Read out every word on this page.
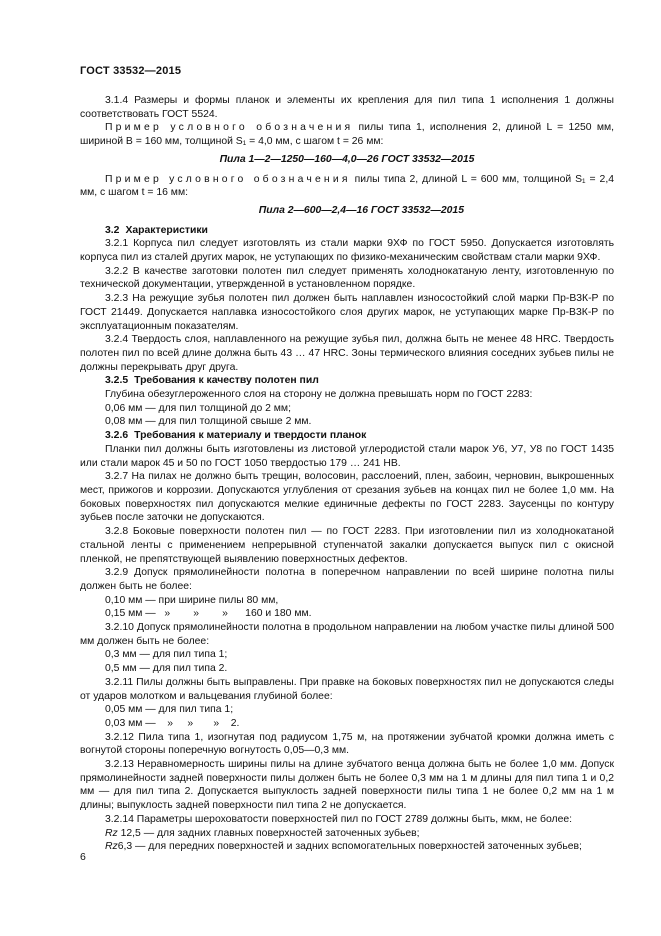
ГОСТ 33532—2015

3.1.4 Размеры и формы планок и элементы их крепления для пил типа 1 исполнения 1 должны соответствовать ГОСТ 5524.

Пример условного обозначения пилы типа 1, исполнения 2, длиной L = 1250 мм, шириной B = 160 мм, толщиной S₁ = 4,0 мм, с шагом t = 26 мм:

Пила 1—2—1250—160—4,0—26 ГОСТ 33532—2015

Пример условного обозначения пилы типа 2, длиной L = 600 мм, толщиной S₁ = 2,4 мм, с шагом t = 16 мм:

Пила 2—600—2,4—16 ГОСТ 33532—2015

3.2 Характеристики

3.2.1 Корпуса пил следует изготовлять из стали марки 9ХФ по ГОСТ 5950. Допускается изготовлять корпуса пил из сталей других марок, не уступающих по физико-механическим свойствам стали марки 9ХФ.

3.2.2 В качестве заготовки полотен пил следует применять холоднокатаную ленту, изготовленную по технической документации, утвержденной в установленном порядке.

3.2.3 На режущие зубья полотен пил должен быть наплавлен износостойкий слой марки Пр-В3К-Р по ГОСТ 21449. Допускается наплавка износостойкого слоя других марок, не уступающих марке Пр-В3К-Р по эксплуатационным показателям.

3.2.4 Твердость слоя, наплавленного на режущие зубья пил, должна быть не менее 48 HRC. Твердость полотен пил по всей длине должна быть 43 … 47 HRC. Зоны термического влияния соседних зубьев пилы не должны перекрывать друг друга.

3.2.5 Требования к качеству полотен пил

Глубина обезуглероженного слоя на сторону не должна превышать норм по ГОСТ 2283:

0,06 мм — для пил толщиной до 2 мм;

0,08 мм — для пил толщиной свыше 2 мм.

3.2.6 Требования к материалу и твердости планок

Планки пил должны быть изготовлены из листовой углеродистой стали марок У6, У7, У8 по ГОСТ 1435 или стали марок 45 и 50 по ГОСТ 1050 твердостью 179 … 241 HB.

3.2.7 На пилах не должно быть трещин, волосовин, расслоений, плен, забоин, черновин, выкрошенных мест, прижогов и коррозии. Допускаются углубления от срезания зубьев на концах пил не более 1,0 мм. На боковых поверхностях пил допускаются мелкие единичные дефекты по ГОСТ 2283. Заусенцы по контуру зубьев после заточки не допускаются.

3.2.8 Боковые поверхности полотен пил — по ГОСТ 2283. При изготовлении пил из холоднокатаной стальной ленты с применением непрерывной ступенчатой закалки допускается выпуск пил с окисной пленкой, не препятствующей выявлению поверхностных дефектов.

3.2.9 Допуск прямолинейности полотна в поперечном направлении по всей ширине полотна пилы должен быть не более:

0,10 мм — при ширине пилы 80 мм,

0,15 мм —   »        »        »      160 и 180 мм.

3.2.10 Допуск прямолинейности полотна в продольном направлении на любом участке пилы длиной 500 мм должен быть не более:

0,3 мм — для пил типа 1;

0,5 мм — для пил типа 2.

3.2.11 Пилы должны быть выправлены. При правке на боковых поверхностях пил не допускаются следы от ударов молотком и вальцевания глубиной более:

0,05 мм — для пил типа 1;

0,03 мм —    »     »       »    2.

3.2.12 Пила типа 1, изогнутая под радиусом 1,75 м, на протяжении зубчатой кромки должна иметь с вогнутой стороны поперечную вогнутость 0,05—0,3 мм.

3.2.13 Неравномерность ширины пилы на длине зубчатого венца должна быть не более 1,0 мм. Допуск прямолинейности задней поверхности пилы должен быть не более 0,3 мм на 1 м длины для пил типа 1 и 0,2 мм — для пил типа 2. Допускается выпуклость задней поверхности пилы типа 1 не более 0,2 мм на 1 м длины; выпуклость задней поверхности пил типа 2 не допускается.

3.2.14 Параметры шероховатости поверхностей пил по ГОСТ 2789 должны быть, мкм, не более:

Rz 12,5 — для задних главных поверхностей заточенных зубьев;

Rz6,3 — для передних поверхностей и задних вспомогательных поверхностей заточенных зубьев;

6
